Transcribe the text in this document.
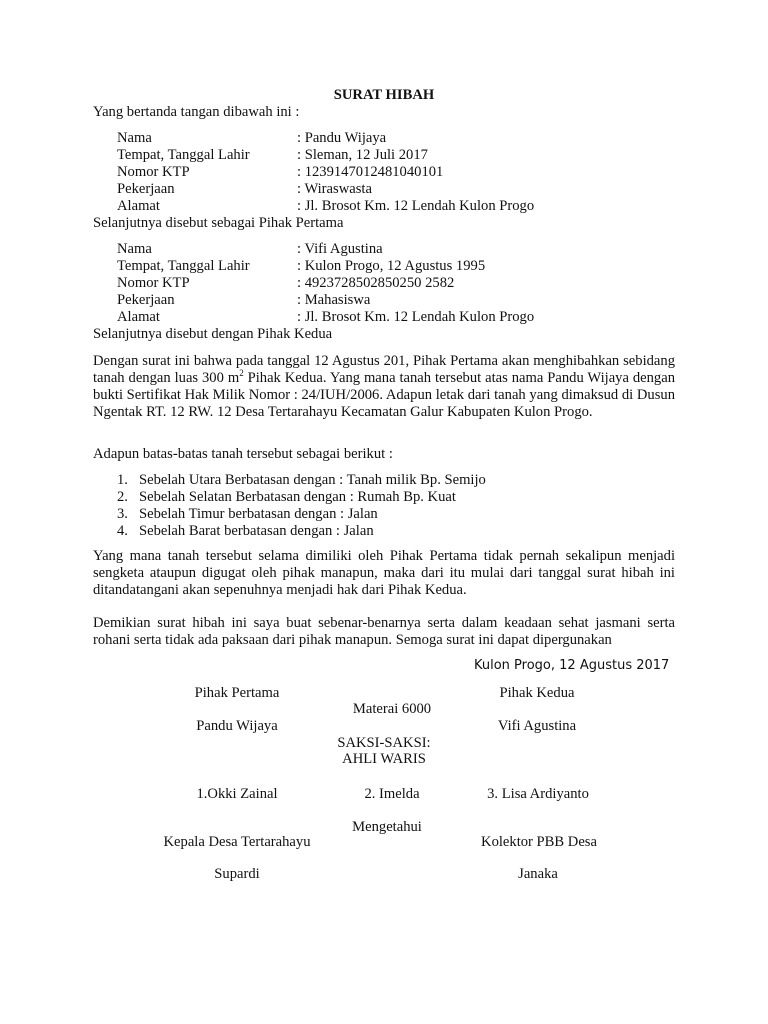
SURAT HIBAH
Yang bertanda tangan dibawah ini :
Nama	: Pandu Wijaya
Tempat, Tanggal Lahir	: Sleman, 12 Juli 2017
Nomor KTP	: 1239147012481040101
Pekerjaan	: Wiraswasta
Alamat	: Jl. Brosot Km. 12 Lendah Kulon Progo
Selanjutnya disebut sebagai Pihak Pertama
Nama	: Vifi Agustina
Tempat, Tanggal Lahir	: Kulon Progo, 12 Agustus 1995
Nomor KTP	: 4923728502850250 2582
Pekerjaan	: Mahasiswa
Alamat	: Jl. Brosot Km. 12 Lendah Kulon Progo
Selanjutnya disebut dengan Pihak Kedua
Dengan surat ini bahwa pada tanggal 12 Agustus 201, Pihak Pertama akan menghibahkan sebidang tanah dengan luas 300 $m^2$ Pihak Kedua. Yang mana tanah tersebut atas nama Pandu Wijaya dengan bukti Sertifikat Hak Milik Nomor : 24/IUH/2006. Adapun letak dari tanah yang dimaksud di Dusun Ngentak RT. 12 RW. 12 Desa Tertarahayu Kecamatan Galur Kabupaten Kulon Progo.
Adapun batas-batas tanah tersebut sebagai berikut :
1. Sebelah Utara Berbatasan dengan : Tanah milik Bp. Semijo
2. Sebelah Selatan Berbatasan dengan : Rumah Bp. Kuat
3. Sebelah Timur berbatasan dengan : Jalan
4. Sebelah Barat berbatasan dengan : Jalan
Yang mana tanah tersebut selama dimiliki oleh Pihak Pertama tidak pernah sekalipun menjadi sengketa ataupun digugat oleh pihak manapun, maka dari itu mulai dari tanggal surat hibah ini ditandatangani akan sepenuhnya menjadi hak dari Pihak Kedua.
Demikian surat hibah ini saya buat sebenar-benarnya serta dalam keadaan sehat jasmani serta rohani serta tidak ada paksaan dari pihak manapun. Semoga surat ini dapat dipergunakan
Kulon Progo, 12 Agustus 2017
Pihak Pertama	Pihak Kedua
Materai 6000
Pandu Wijaya	Vifi Agustina
SAKSI-SAKSI:
AHLI WARIS
1.Okki Zainal	2. Imelda	3. Lisa Ardiyanto
Mengetahui
Kepala Desa Tertarahayu	Kolektor PBB Desa
Supardi	Janaka
